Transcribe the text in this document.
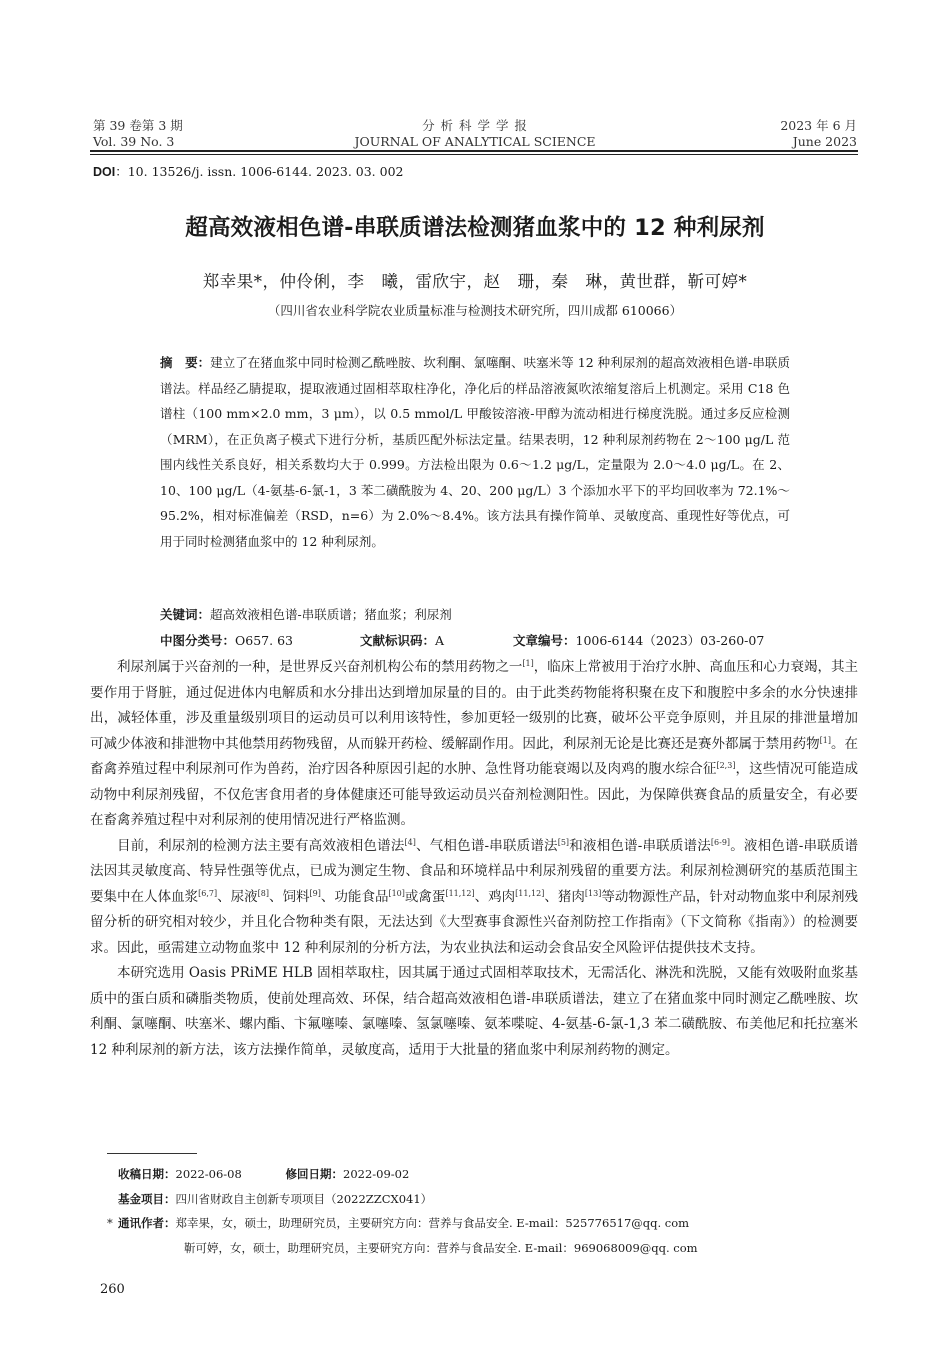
第 39 卷第 3 期
Vol. 39 No. 3
分 析 科 学 学 报
JOURNAL OF ANALYTICAL SCIENCE
2023 年 6 月
June 2023
DOI：10. 13526/j. issn. 1006-6144. 2023. 03. 002
超高效液相色谱-串联质谱法检测猪血浆中的 12 种利尿剂
郑幸果*，仲伶俐，李　曦，雷欣宇，赵　珊，秦　琳，黄世群，靳可婷*
（四川省农业科学院农业质量标准与检测技术研究所，四川成都 610066）
摘　要：建立了在猪血浆中同时检测乙酰唑胺、坎利酮、氯噻酮、呋塞米等 12 种利尿剂的超高效液相色谱-串联质谱法。样品经乙腈提取，提取液通过固相萃取柱净化，净化后的样品溶液氮吹浓缩复溶后上机测定。采用 C18 色谱柱（100 mm×2.0 mm，3 μm），以 0.5 mmol/L 甲酸铵溶液-甲醇为流动相进行梯度洗脱。通过多反应检测（MRM），在正负离子模式下进行分析，基质匹配外标法定量。结果表明，12 种利尿剂药物在 2～100 μg/L 范围内线性关系良好，相关系数均大于 0.999。方法检出限为 0.6～1.2 μg/L，定量限为 2.0～4.0 μg/L。在 2、10、100 μg/L（4-氨基-6-氯-1，3 苯二磺酰胺为 4、20、200 μg/L）3 个添加水平下的平均回收率为 72.1%～95.2%，相对标准偏差（RSD，n=6）为 2.0%～8.4%。该方法具有操作简单、灵敏度高、重现性好等优点，可用于同时检测猪血浆中的 12 种利尿剂。
关键词：超高效液相色谱-串联质谱；猪血浆；利尿剂
中图分类号：O657. 63	文献标识码：A	文章编号：1006-6144（2023）03-260-07

利尿剂属于兴奋剂的一种，是世界反兴奋剂机构公布的禁用药物之一[1]，临床上常被用于治疗水肿、高血压和心力衰竭，其主要作用于肾脏，通过促进体内电解质和水分排出达到增加尿量的目的。由于此类药物能将积聚在皮下和腹腔中多余的水分快速排出，减轻体重，涉及重量级别项目的运动员可以利用该特性，参加更轻一级别的比赛，破坏公平竞争原则，并且尿的排泄量增加可减少体液和排泄物中其他禁用药物残留，从而躲开药检、缓解副作用。因此，利尿剂无论是比赛还是赛外都属于禁用药物[1]。在畜禽养殖过程中利尿剂可作为兽药，治疗因各种原因引起的水肿、急性肾功能衰竭以及肉鸡的腹水综合征[2,3]，这些情况可能造成动物中利尿剂残留，不仅危害食用者的身体健康还可能导致运动员兴奋剂检测阳性。因此，为保障供赛食品的质量安全，有必要在畜禽养殖过程中对利尿剂的使用情况进行严格监测。

目前，利尿剂的检测方法主要有高效液相色谱法[4]、气相色谱-串联质谱法[5]和液相色谱-串联质谱法[6-9]。液相色谱-串联质谱法因其灵敏度高、特异性强等优点，已成为测定生物、食品和环境样品中利尿剂残留的重要方法。利尿剂检测研究的基质范围主要集中在人体血浆[6,7]、尿液[8]、饲料[9]、功能食品[10]或禽蛋[11,12]、鸡肉[11,12]、猪肉[13]等动物源性产品，针对动物血浆中利尿剂残留分析的研究相对较少，并且化合物种类有限，无法达到《大型赛事食源性兴奋剂防控工作指南》（下文简称《指南》）的检测要求。因此，亟需建立动物血浆中 12 种利尿剂的分析方法，为农业执法和运动会食品安全风险评估提供技术支持。

本研究选用 Oasis PRiME HLB 固相萃取柱，因其属于通过式固相萃取技术，无需活化、淋洗和洗脱，又能有效吸附血浆基质中的蛋白质和磷脂类物质，使前处理高效、环保，结合超高效液相色谱-串联质谱法，建立了在猪血浆中同时测定乙酰唑胺、坎利酮、氯噻酮、呋塞米、螺内酯、卞氟噻嗪、氯噻嗪、氢氯噻嗪、氨苯喋啶、4-氨基-6-氯-1,3 苯二磺酰胺、布美他尼和托拉塞米 12 种利尿剂的新方法，该方法操作简单，灵敏度高，适用于大批量的猪血浆中利尿剂药物的测定。

收稿日期：2022-06-08	修回日期：2022-09-02
基金项目：四川省财政自主创新专项项目（2022ZZCX041）
* 通讯作者：郑幸果，女，硕士，助理研究员，主要研究方向：营养与食品安全. E-mail：525776517@qq. com
靳可婷，女，硕士，助理研究员，主要研究方向：营养与食品安全. E-mail：969068009@qq. com
260
